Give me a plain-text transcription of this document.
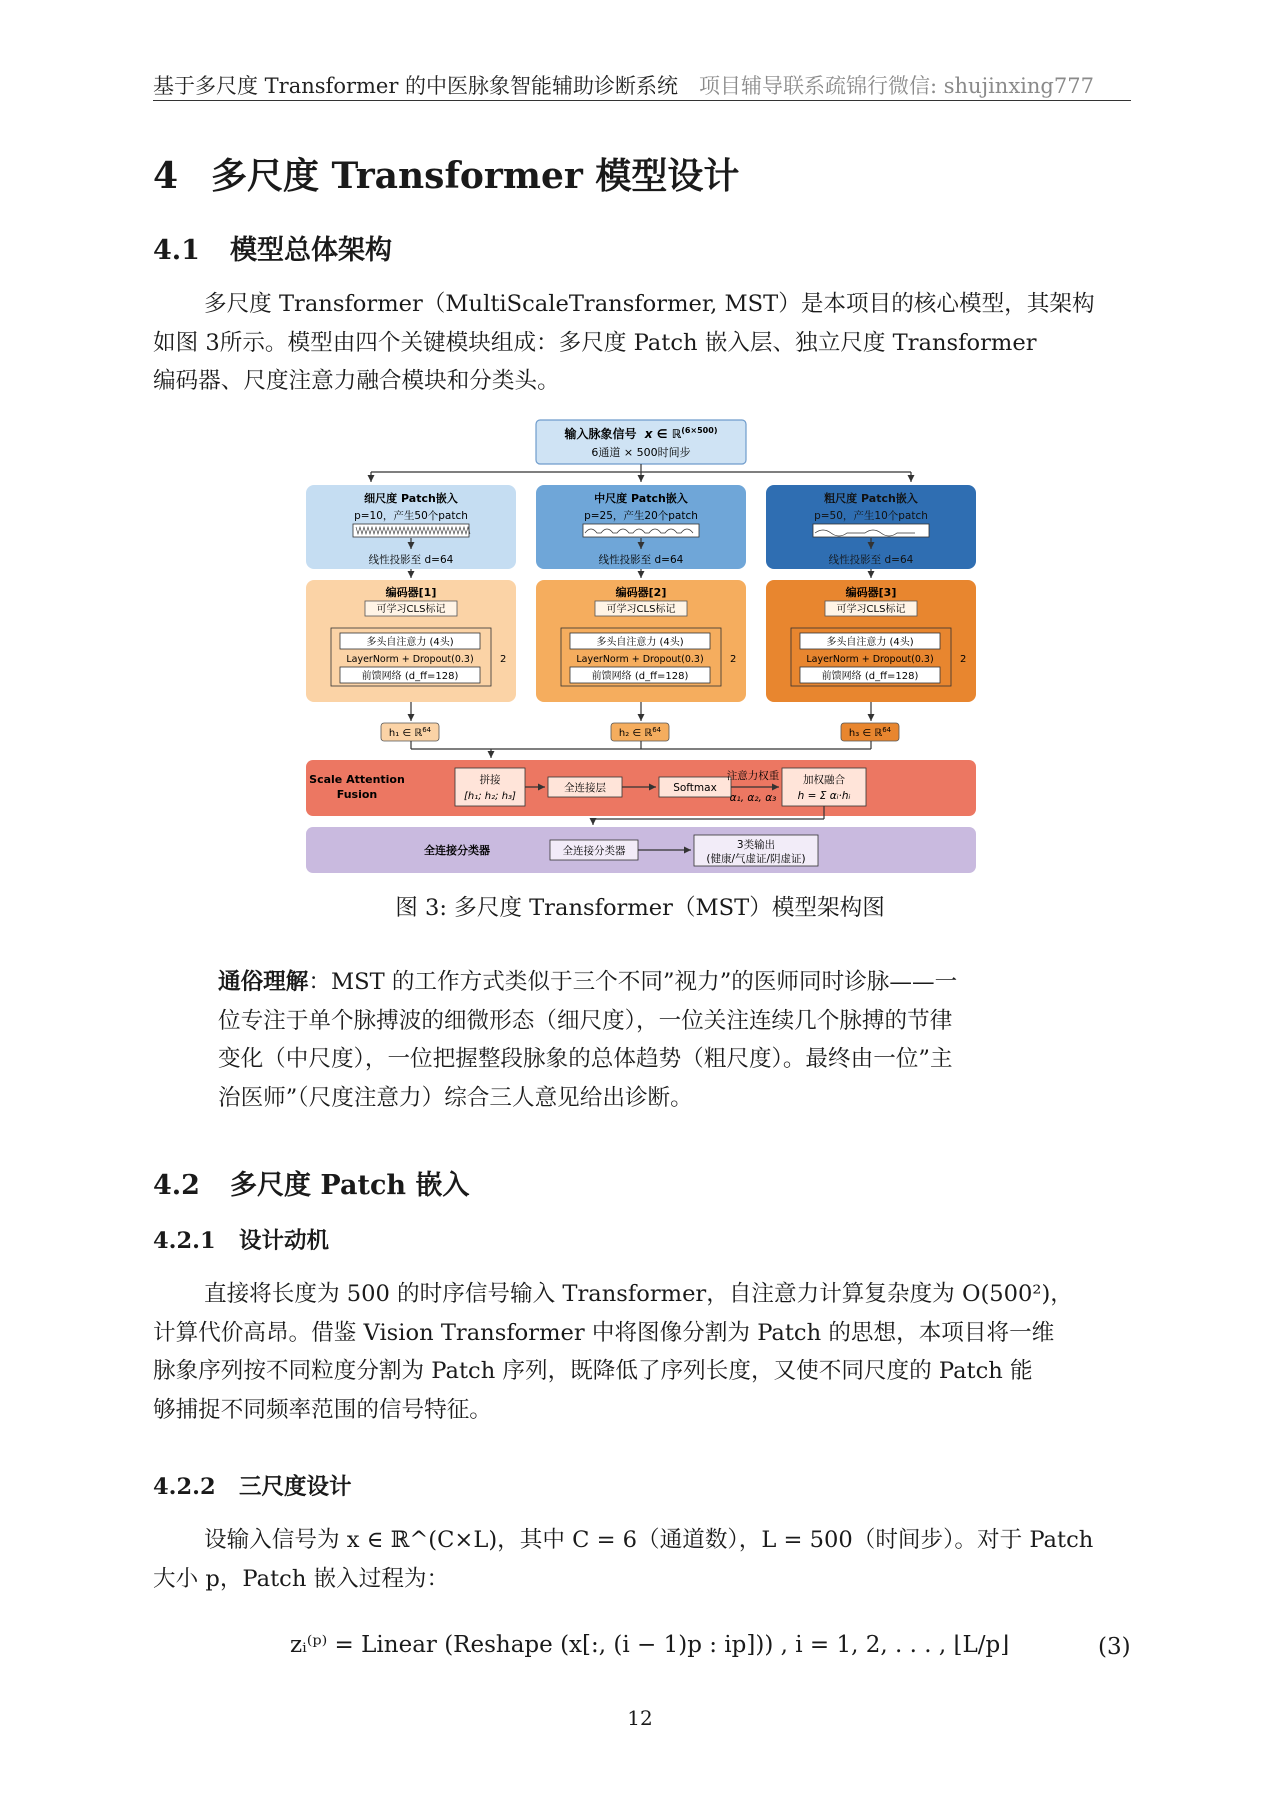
基于多尺度 Transformer 的中医脉象智能辅助诊断系统 项目辅导联系疏锦行微信: shujinxing777
4 多尺度 Transformer 模型设计
4.1 模型总体架构
多尺度 Transformer（MultiScaleTransformer, MST）是本项目的核心模型，其架构
如图 3所示。模型由四个关键模块组成：多尺度 Patch 嵌入层、独立尺度 Transformer
编码器、尺度注意力融合模块和分类头。
输入脉象信号 x ∈ ℝ$^{(6\times 500)}$
6通道 × 500时间步
细尺度 Patch嵌入
p=10，产生50个patch
线性投影至 d=64
编码器[1]
可学习CLS标记
多头自注意力 (4头)
LayerNorm + Dropout(0.3)
前馈网络 (d_ff=128)
2
h₁ ∈ ℝ$^{64}$
中尺度 Patch嵌入
p=25，产生20个patch
线性投影至 d=64
编码器[2]
可学习CLS标记
多头自注意力 (4头)
LayerNorm + Dropout(0.3)
前馈网络 (d_ff=128)
2
h₂ ∈ ℝ$^{64}$
粗尺度 Patch嵌入
p=50，产生10个patch
线性投影至 d=64
编码器[3]
可学习CLS标记
多头自注意力 (4头)
LayerNorm + Dropout(0.3)
前馈网络 (d_ff=128)
2
h₃ ∈ ℝ$^{64}$
Scale Attention
Fusion
拼接
[h₁; h₂; h₃]
全连接层	Softmax
注意力权重
α₁, α₂, α₃
加权融合
h = Σ αᵢ·hᵢ
全连接分类器	全连接分类器	3类输出
(健康/气虚证/阴虚证)
图 3: 多尺度 Transformer（MST）模型架构图
通俗理解：MST 的工作方式类似于三个不同”视力”的医师同时诊脉——一
位专注于单个脉搏波的细微形态（细尺度），一位关注连续几个脉搏的节律
变化（中尺度），一位把握整段脉象的总体趋势（粗尺度）。最终由一位”主
治医师”（尺度注意力）综合三人意见给出诊断。
4.2 多尺度 Patch 嵌入
4.2.1 设计动机
直接将长度为 500 的时序信号输入 Transformer，自注意力计算复杂度为 O(500²)，
计算代价高昂。借鉴 Vision Transformer 中将图像分割为 Patch 的思想，本项目将一维
脉象序列按不同粒度分割为 Patch 序列，既降低了序列长度，又使不同尺度的 Patch 能
够捕捉不同频率范围的信号特征。
4.2.2 三尺度设计
设输入信号为 x ∈ ℝ^(C×L)，其中 C = 6（通道数），L = 500（时间步）。对于 Patch
大小 p，Patch 嵌入过程为：
zᵢ⁽ᵖ⁾ = Linear (Reshape (x[:, (i − 1)p : ip])) , i = 1, 2, . . . , ⌊L/p⌋	(3)
12
